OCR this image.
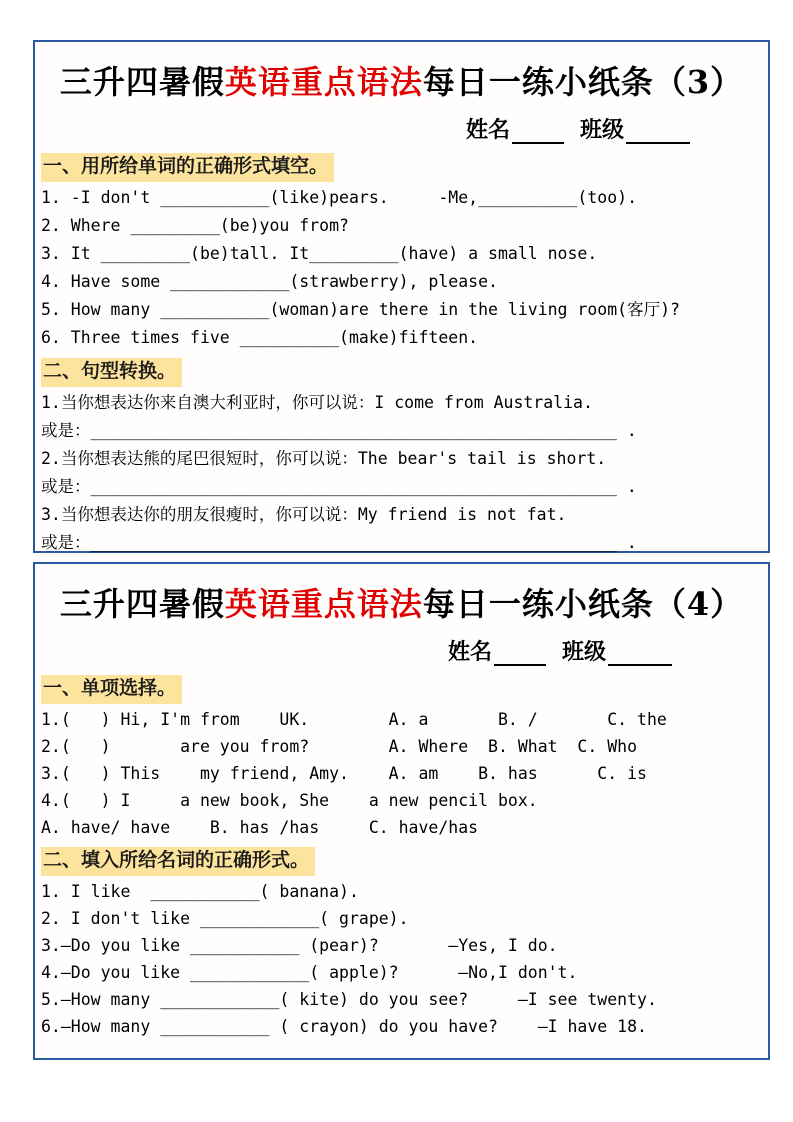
三升四暑假英语重点语法每日一练小纸条（3）
姓名	班级
一、用所给单词的正确形式填空。
1. -I don't ___________(like)pears.     -Me,__________(too).
2. Where _________(be)you from?
3. It _________(be)tall. It_________(have) a small nose.
4. Have some ____________(strawberry), please.
5. How many ___________(woman)are there in the living room(客厅)?
6. Three times five __________(make)fifteen.
二、句型转换。
1.当你想表达你来自澳大利亚时，你可以说：I come from Australia.
或是：_____________________________________________________ .
2.当你想表达熊的尾巴很短时，你可以说：The bear's tail is short.
或是：_____________________________________________________ .
3.当你想表达你的朋友很瘦时，你可以说：My friend is not fat.
或是：_____________________________________________________ .
三升四暑假英语重点语法每日一练小纸条（4）
姓名	班级
一、单项选择。
1.(   ) Hi, I'm from    UK.        A. a       B. /       C. the
2.(   )       are you from?        A. Where  B. What  C. Who
3.(   ) This    my friend, Amy.    A. am    B. has      C. is
4.(   ) I     a new book, She    a new pencil box.
A. have/ have    B. has /has     C. have/has
二、填入所给名词的正确形式。
1. I like  ___________( banana).
2. I don't like ____________( grape).
3.—Do you like ___________ (pear)?       —Yes, I do.
4.—Do you like ____________( apple)?      —No,I don't.
5.—How many ____________( kite) do you see?     —I see twenty.
6.—How many ___________ ( crayon) do you have?    —I have 18.
